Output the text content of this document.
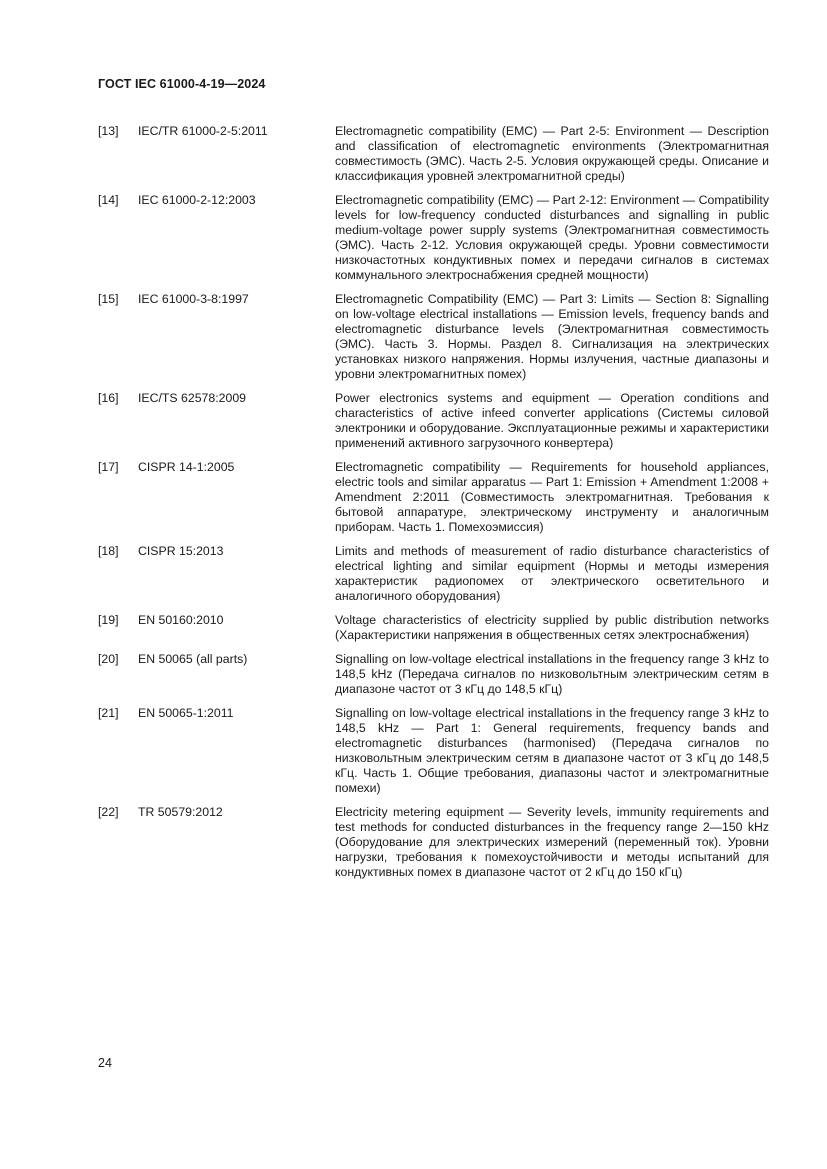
ГОСТ IEC 61000-4-19—2024
[13] IEC/TR 61000-2-5:2011	Electromagnetic compatibility (EMC) — Part 2-5: Environment — Description and classification of electromagnetic environments (Электромагнитная совместимость (ЭМС). Часть 2-5. Условия окружающей среды. Описание и классификация уровней электромагнитной среды)
[14] IEC 61000-2-12:2003	Electromagnetic compatibility (EMC) — Part 2-12: Environment — Compatibility levels for low-frequency conducted disturbances and signalling in public medium-voltage power supply systems (Электромагнитная совместимость (ЭМС). Часть 2-12. Условия окружающей среды. Уровни совместимости низкочастотных кондуктивных помех и передачи сигналов в системах коммунального электроснабжения средней мощности)
[15] IEC 61000-3-8:1997	Electromagnetic Compatibility (EMC) — Part 3: Limits — Section 8: Signalling on low-voltage electrical installations — Emission levels, frequency bands and electromagnetic disturbance levels (Электромагнитная совместимость (ЭМС). Часть 3. Нормы. Раздел 8. Сигнализация на электрических установках низкого напряжения. Нормы излучения, частные диапазоны и уровни электромагнитных помех)
[16] IEC/TS 62578:2009	Power electronics systems and equipment — Operation conditions and characteristics of active infeed converter applications (Системы силовой электроники и оборудование. Эксплуатационные режимы и характеристики применений активного загрузочного конвертера)
[17] CISPR 14-1:2005	Electromagnetic compatibility — Requirements for household appliances, electric tools and similar apparatus — Part 1: Emission + Amendment 1:2008 + Amendment 2:2011 (Совместимость электромагнитная. Требования к бытовой аппаратуре, электрическому инструменту и аналогичным приборам. Часть 1. Помехоэмиссия)
[18] CISPR 15:2013	Limits and methods of measurement of radio disturbance characteristics of electrical lighting and similar equipment (Нормы и методы измерения характеристик радиопомех от электрического осветительного и аналогичного оборудования)
[19] EN 50160:2010	Voltage characteristics of electricity supplied by public distribution networks (Характеристики напряжения в общественных сетях электроснабжения)
[20] EN 50065 (all parts)	Signalling on low-voltage electrical installations in the frequency range 3 kHz to 148,5 kHz (Передача сигналов по низковольтным электрическим сетям в диапазоне частот от 3 кГц до 148,5 кГц)
[21] EN 50065-1:2011	Signalling on low-voltage electrical installations in the frequency range 3 kHz to 148,5 kHz — Part 1: General requirements, frequency bands and electromagnetic disturbances (harmonised) (Передача сигналов по низковольтным электрическим сетям в диапазоне частот от 3 кГц до 148,5 кГц. Часть 1. Общие требования, диапазоны частот и электромагнитные помехи)
[22] TR 50579:2012	Electricity metering equipment — Severity levels, immunity requirements and test methods for conducted disturbances in the frequency range 2—150 kHz (Оборудование для электрических измерений (переменный ток). Уровни нагрузки, требования к помехоустойчивости и методы испытаний для кондуктивных помех в диапазоне частот от 2 кГц до 150 кГц)
24
